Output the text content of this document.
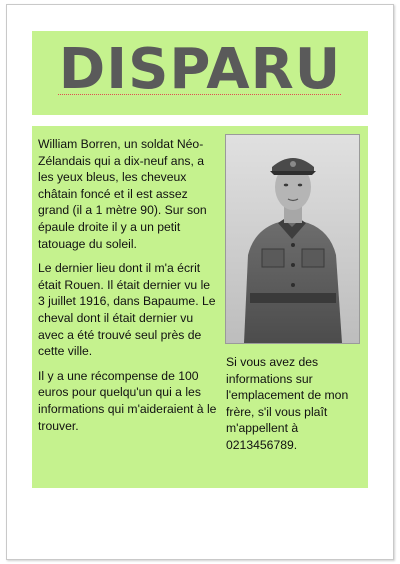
DISPARU

William Borren, un soldat Néo-Zélandais qui a dix-neuf ans, a les yeux bleus, les cheveux châtain foncé et il est assez grand (il a 1 mètre 90). Sur son épaule droite il y a un petit tatouage du soleil.

Le dernier lieu dont il m'a écrit était Rouen. Il était dernier vu le 3 juillet 1916, dans Bapaume. Le cheval dont il était dernier vu avec a été trouvé seul près de cette ville.

Il y a une récompense de 100 euros pour quelqu'un qui a les informations qui m'aideraient à le trouver.

Si vous avez des informations sur l'emplacement de mon frère, s'il vous plaît m'appellent à 0213456789.
